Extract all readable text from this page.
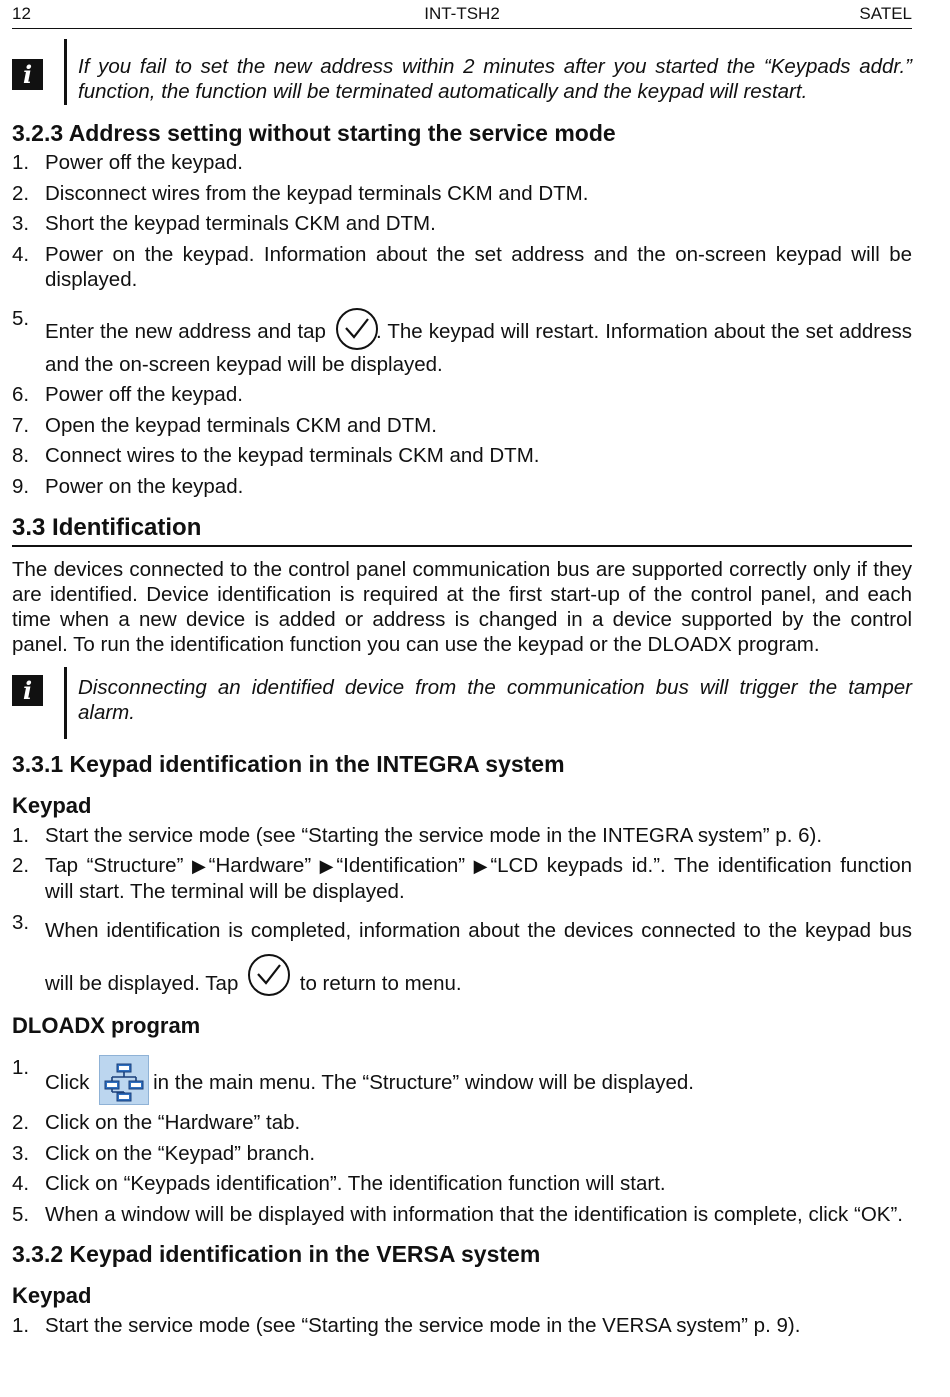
INT-TSH2
12	SATEL
i	If you fail to set the new address within 2 minutes after you started the “Keypads addr.” function, the function will be terminated automatically and the keypad will restart.
3.2.3 Address setting without starting the service mode
1. Power off the keypad.
2. Disconnect wires from the keypad terminals CKM and DTM.
3. Short the keypad terminals CKM and DTM.
4. Power on the keypad. Information about the set address and the on-screen keypad will be displayed.
5.
Enter the new address and tap . The keypad will restart. Information about the set address and the on-screen keypad will be displayed.
6. Power off the keypad.
7. Open the keypad terminals CKM and DTM.
8. Connect wires to the keypad terminals CKM and DTM.
9. Power on the keypad.
3.3 Identification

The devices connected to the control panel communication bus are supported correctly only if they are identified. Device identification is required at the first start-up of the control panel, and each time when a new device is added or address is changed in a device supported by the control panel. To run the identification function you can use the keypad or the DLOADX program.

i	Disconnecting an identified device from the communication bus will trigger the tamper alarm.
3.3.1 Keypad identification in the INTEGRA system
Keypad
1. Start the service mode (see “Starting the service mode in the INTEGRA system” p. 6).
2. Tap “Structure” ▶“Hardware” ▶“Identification” ▶“LCD keypads id.”. The identification function will start. The terminal will be displayed.
3. When identification is completed, information about the devices connected to the keypad bus will be displayed. Tap	to return to menu.
DLOADX program
1.
Click	in the main menu. The “Structure” window will be displayed.
2. Click on the “Hardware” tab.
3. Click on the “Keypad” branch.
4. Click on “Keypads identification”. The identification function will start.
5. When a window will be displayed with information that the identification is complete, click “OK”.
3.3.2 Keypad identification in the VERSA system
Keypad
1. Start the service mode (see “Starting the service mode in the VERSA system” p. 9).
